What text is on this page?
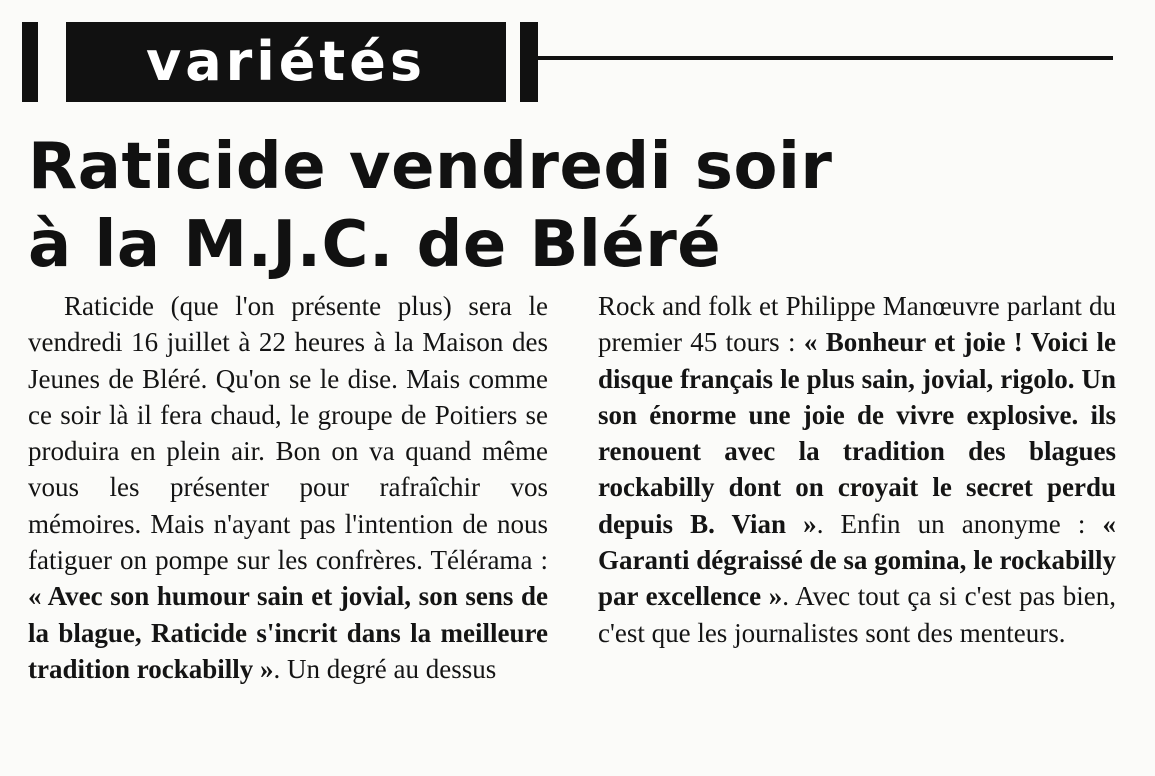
variétés
Raticide vendredi soir
à la M.J.C. de Bléré
Raticide (que l'on présente plus) sera le vendredi 16 juillet à 22 heures à la Maison des Jeunes de Bléré. Qu'on se le dise. Mais comme ce soir là il fera chaud, le groupe de Poitiers se produira en plein air. Bon on va quand même vous les présenter pour rafraîchir vos mémoires. Mais n'ayant pas l'intention de nous fatiguer on pompe sur les confrères. Télérama : « Avec son humour sain et jovial, son sens de la blague, Raticide s'incrit dans la meilleure tradition rockabilly ». Un degré au dessus
Rock and folk et Philippe Manœuvre parlant du premier 45 tours : « Bonheur et joie ! Voici le disque français le plus sain, jovial, rigolo. Un son énorme une joie de vivre explosive. ils renouent avec la tradition des blagues rockabilly dont on croyait le secret perdu depuis B. Vian ». Enfin un anonyme : « Garanti dégraissé de sa gomina, le rockabilly par excellence ». Avec tout ça si c'est pas bien, c'est que les journalistes sont des menteurs.
